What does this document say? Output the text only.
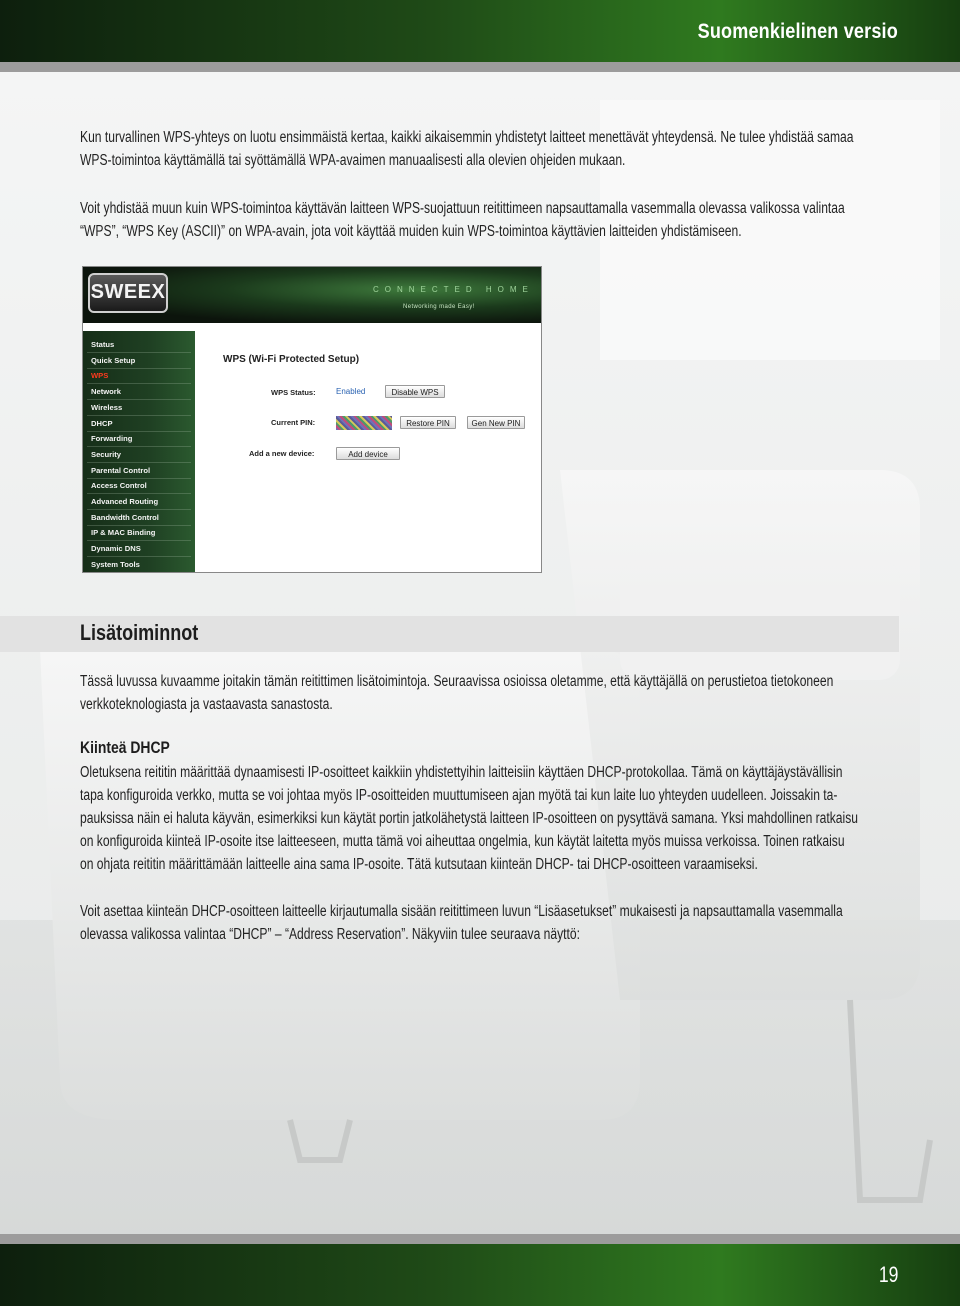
Suomenkielinen versio

Kun turvallinen WPS-yhteys on luotu ensimmäistä kertaa, kaikki aikaisemmin yhdistetyt laitteet menettävät yhteydensä. Ne tulee yhdistää samaa
WPS-toimintoa käyttämällä tai syöttämällä WPA-avaimen manuaalisesti alla olevien ohjeiden mukaan.

Voit yhdistää muun kuin WPS-toimintoa käyttävän laitteen WPS-suojattuun reitittimeen napsauttamalla vasemmalla olevassa valikossa valintaa
“WPS”, “WPS Key (ASCII)” on WPA-avain, jota voit käyttää muiden kuin WPS-toimintoa käyttävien laitteiden yhdistämiseen.

SWEEX	CONNECTED HOME
Networking made Easy!
Status
Quick Setup
WPS
Network
Wireless
DHCP
Forwarding
Security
Parental Control
Access Control
Advanced Routing
Bandwidth Control
IP & MAC Binding
Dynamic DNS
System Tools
WPS (Wi-Fi Protected Setup)
WPS Status:	Enabled	Disable WPS
Current PIN:	Restore PIN	Gen New PIN
Add a new device:	Add device
Lisätoiminnot

Tässä luvussa kuvaamme joitakin tämän reitittimen lisätoimintoja. Seuraavissa osioissa oletamme, että käyttäjällä on perustietoa tietokoneen
verkkoteknologiasta ja vastaavasta sanastosta.

Kiinteä DHCP

Oletuksena reititin määrittää dynaamisesti IP-osoitteet kaikkiin yhdistettyihin laitteisiin käyttäen DHCP-protokollaa. Tämä on käyttäjäystävällisin
tapa konfiguroida verkko, mutta se voi johtaa myös IP-osoitteiden muuttumiseen ajan myötä tai kun laite luo yhteyden uudelleen. Joissakin ta-
pauksissa näin ei haluta käyvän, esimerkiksi kun käytät portin jatkolähetystä laitteen IP-osoitteen on pysyttävä samana. Yksi mahdollinen ratkaisu
on konfiguroida kiinteä IP-osoite itse laitteeseen, mutta tämä voi aiheuttaa ongelmia, kun käytät laitetta myös muissa verkoissa. Toinen ratkaisu
on ohjata reititin määrittämään laitteelle aina sama IP-osoite. Tätä kutsutaan kiinteän DHCP- tai DHCP-osoitteen varaamiseksi.

Voit asettaa kiinteän DHCP-osoitteen laitteelle kirjautumalla sisään reitittimeen luvun “Lisäasetukset” mukaisesti ja napsauttamalla vasemmalla
olevassa valikossa valintaa “DHCP” – “Address Reservation”. Näkyviin tulee seuraava näyttö:

19
